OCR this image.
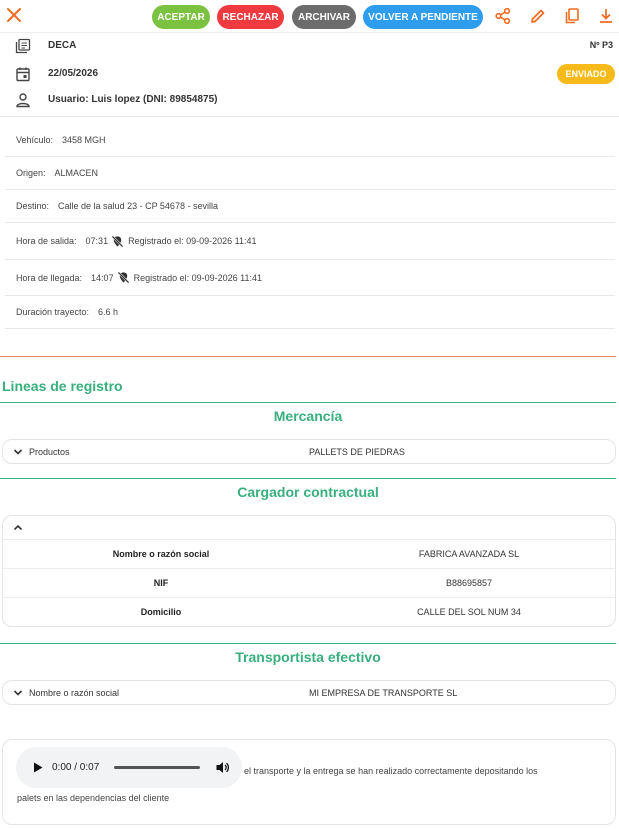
ACEPTAR	RECHAZAR	ARCHIVAR	VOLVER A PENDIENTE
DECA	Nº P3
22/05/2026	ENVIADO
Usuario: Luis lopez (DNI: 89854875)
Vehículo: 3458 MGH
Origen: ALMACEN
Destino: Calle de la salud 23 - CP 54678 - sevilla
Hora de salida: 07:31 Registrado el: 09-09-2026 11:41
Hora de llegada: 14:07 Registrado el: 09-09-2026 11:41
Duración trayecto: 6.6 h
Lineas de registro
Mercancía
Productos	PALLETS DE PIEDRAS
Cargador contractual
Nombre o razón social	FABRICA AVANZADA SL
NIF	B88695857
Domicilio	CALLE DEL SOL NUM 34
Transportista efectivo
Nombre o razón social	MI EMPRESA DE TRANSPORTE SL
0:00 / 0:07	el transporte y la entrega se han realizado correctamente depositando los
palets en las dependencias del cliente
